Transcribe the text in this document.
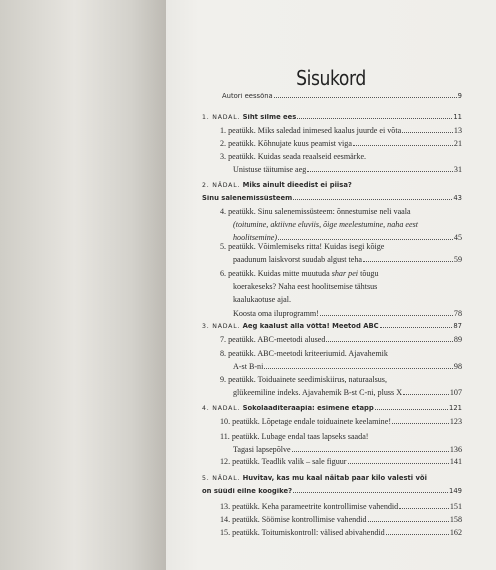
Sisukord
Autori eessõna	9
1. NÄDAL. Siht silme ees	11
1. peatükk. Miks saledad inimesed kaalus juurde ei võta	13
2. peatükk. Kõhnujate kuus peamist viga	21
3. peatükk. Kuidas seada reaalseid eesmärke.
Unistuse täitumise aeg	31
2. NÄDAL. Miks ainult dieedist ei piisa?
Sinu salenemissüsteem	43
4. peatükk. Sinu salenemissüsteem: õnnestumise neli vaala
(toitumine, aktiivne eluviis, õige meelestumine, naha eest
hoolitsemine)	45
5. peatükk. Võimlemiseks ritta! Kuidas isegi kõige
paadunum laiskvorst suudab algust teha	59
6. peatükk. Kuidas mitte muutuda shar pei tõugu
koerakeseks? Naha eest hoolitsemise tähtsus
kaalukaotuse ajal.
Koosta oma iluprogramm!	78
3. NÄDAL. Aeg kaalust alla võtta! Meetod ABC	87
7. peatükk. ABC-meetodi alused	89
8. peatükk. ABC-meetodi kriteeriumid. Ajavahemik
A-st B-ni	98
9. peatükk. Toiduainete seedimiskiirus, naturaalsus,
glükeemiline indeks. Ajavahemik B-st C-ni, pluss X	107
4. NÄDAL. Šokolaaditeraapia: esimene etapp	121
10. peatükk. Lõpetage endale toiduainete keelamine!	123
11. peatükk. Lubage endal taas lapseks saada!
Tagasi lapsepõlve	136
12. peatükk. Teadlik valik – sale figuur	141
5. NÄDAL. Huvitav, kas mu kaal näitab paar kilo valesti või
on süüdi eilne koogike?	149
13. peatükk. Keha parameetrite kontrollimise vahendid	151
14. peatükk. Söömise kontrollimise vahendid	158
15. peatükk. Toitumiskontroll: välised abivahendid	162
